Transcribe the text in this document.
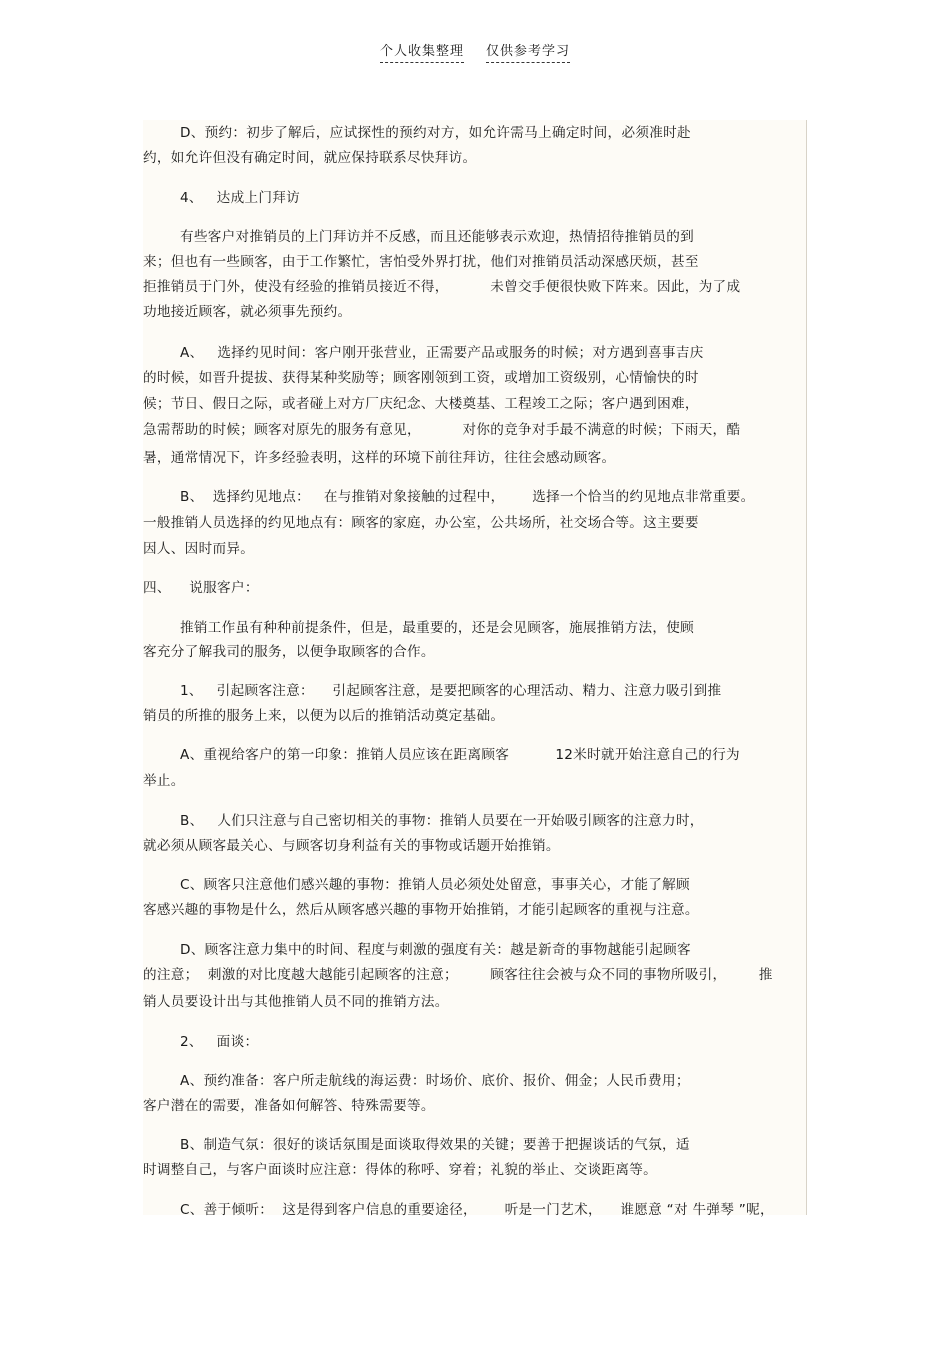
个人收集整理 仅供参考学习
D、预约：初步了解后，应试探性的预约对方，如允许需马上确定时间，必须准时赴
约，如允许但没有确定时间，就应保持联系尽快拜访。
4、   达成上门拜访
有些客户对推销员的上门拜访并不反感，而且还能够表示欢迎，热情招待推销员的到
来；但也有一些顾客，由于工作繁忙，害怕受外界打扰，他们对推销员活动深感厌烦，甚至
拒推销员于门外，使没有经验的推销员接近不得，         未曾交手便很快败下阵来。因此，为了成
功地接近顾客，就必须事先预约。
A、   选择约见时间：客户刚开张营业，正需要产品或服务的时候；对方遇到喜事吉庆
的时候，如晋升提拔、获得某种奖励等；顾客刚领到工资，或增加工资级别，心情愉快的时
候；节日、假日之际，或者碰上对方厂庆纪念、大楼奠基、工程竣工之际；客户遇到困难，
急需帮助的时候；顾客对原先的服务有意见，         对你的竞争对手最不满意的时候；下雨天，酷
暑，通常情况下，许多经验表明，这样的环境下前往拜访，往往会感动顾客。
B、  选择约见地点：   在与推销对象接触的过程中，      选择一个恰当的约见地点非常重要。
一般推销人员选择的约见地点有：顾客的家庭，办公室，公共场所，社交场合等。这主要要
因人、因时而异。
四、    说服客户：
推销工作虽有种种前提条件，但是，最重要的，还是会见顾客，施展推销方法，使顾
客充分了解我司的服务，以便争取顾客的合作。
1、   引起顾客注意：    引起顾客注意，是要把顾客的心理活动、精力、注意力吸引到推
销员的所推的服务上来，以便为以后的推销活动奠定基础。
A、重视给客户的第一印象：推销人员应该在距离顾客          12米时就开始注意自己的行为
举止。
B、   人们只注意与自己密切相关的事物：推销人员要在一开始吸引顾客的注意力时，
就必须从顾客最关心、与顾客切身利益有关的事物或话题开始推销。
C、顾客只注意他们感兴趣的事物：推销人员必须处处留意，事事关心，才能了解顾
客感兴趣的事物是什么，然后从顾客感兴趣的事物开始推销，才能引起顾客的重视与注意。
D、顾客注意力集中的时间、程度与刺激的强度有关：越是新奇的事物越能引起顾客
的注意；  刺激的对比度越大越能引起顾客的注意；       顾客往往会被与众不同的事物所吸引，       推
销人员要设计出与其他推销人员不同的推销方法。
2、   面谈：
A、预约准备：客户所走航线的海运费：时场价、底价、报价、佣金；人民币费用；
客户潜在的需要，准备如何解答、特殊需要等。
B、制造气氛：很好的谈话氛围是面谈取得效果的关键；要善于把握谈话的气氛，适
时调整自己，与客户面谈时应注意：得体的称呼、穿着；礼貌的举止、交谈距离等。
C、善于倾听：  这是得到客户信息的重要途径，      听是一门艺术，    谁愿意 “对 牛弹琴 ”呢，
